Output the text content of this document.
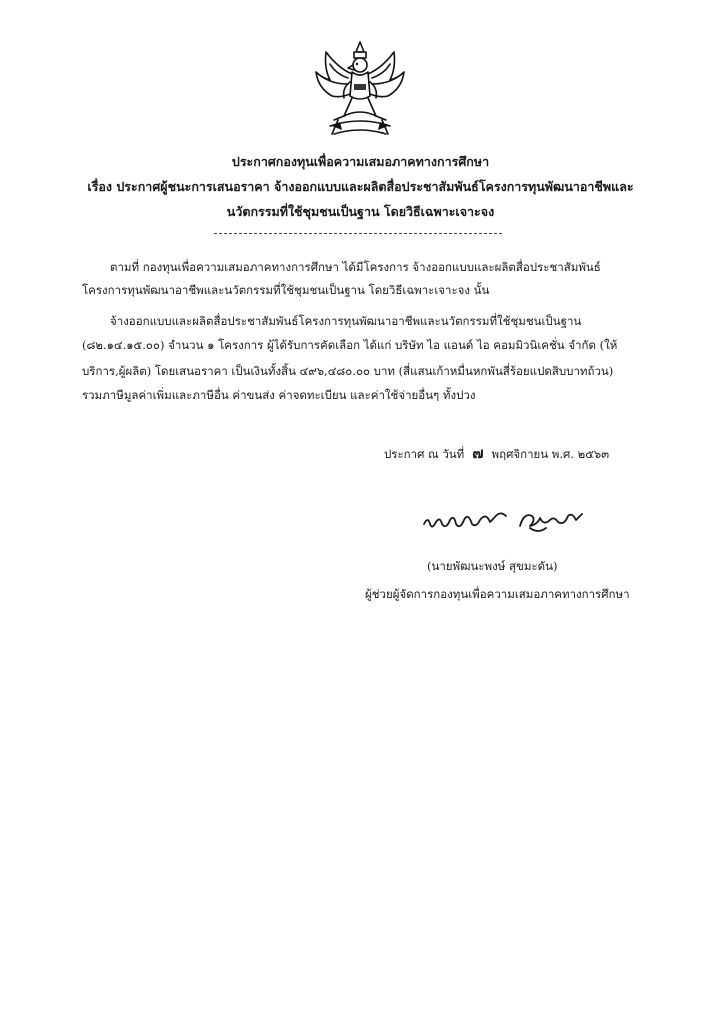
ประกาศกองทุนเพื่อความเสมอภาคทางการศึกษา
เรื่อง ประกาศผู้ชนะการเสนอราคา จ้างออกแบบและผลิตสื่อประชาสัมพันธ์โครงการทุนพัฒนาอาชีพและ
นวัตกรรมที่ใช้ชุมชนเป็นฐาน โดยวิธีเฉพาะเจาะจง
ตามที่ กองทุนเพื่อความเสมอภาคทางการศึกษา ได้มีโครงการ จ้างออกแบบและผลิตสื่อประชาสัมพันธ์
โครงการทุนพัฒนาอาชีพและนวัตกรรมที่ใช้ชุมชนเป็นฐาน โดยวิธีเฉพาะเจาะจง นั้น
จ้างออกแบบและผลิตสื่อประชาสัมพันธ์โครงการทุนพัฒนาอาชีพและนวัตกรรมที่ใช้ชุมชนเป็นฐาน
(๘๒.๑๔.๑๕.๐๐) จำนวน ๑ โครงการ ผู้ได้รับการคัดเลือก ได้แก่ บริษัท ไอ แอนด์ ไอ คอมมิวนิเคชั่น จำกัด (ให้
บริการ,ผู้ผลิต) โดยเสนอราคา เป็นเงินทั้งสิ้น ๔๙๖,๔๘๐.๐๐ บาท (สี่แสนเก้าหมื่นหกพันสี่ร้อยแปดสิบบาทถ้วน)
รวมภาษีมูลค่าเพิ่มและภาษีอื่น ค่าขนส่ง ค่าจดทะเบียน และค่าใช้จ่ายอื่นๆ ทั้งปวง
ประกาศ ณ วันที่ ๗ พฤศจิกายน พ.ศ. ๒๕๖๓
(นายพัฒนะพงษ์ สุขมะดัน)
ผู้ช่วยผู้จัดการกองทุนเพื่อความเสมอภาคทางการศึกษา
